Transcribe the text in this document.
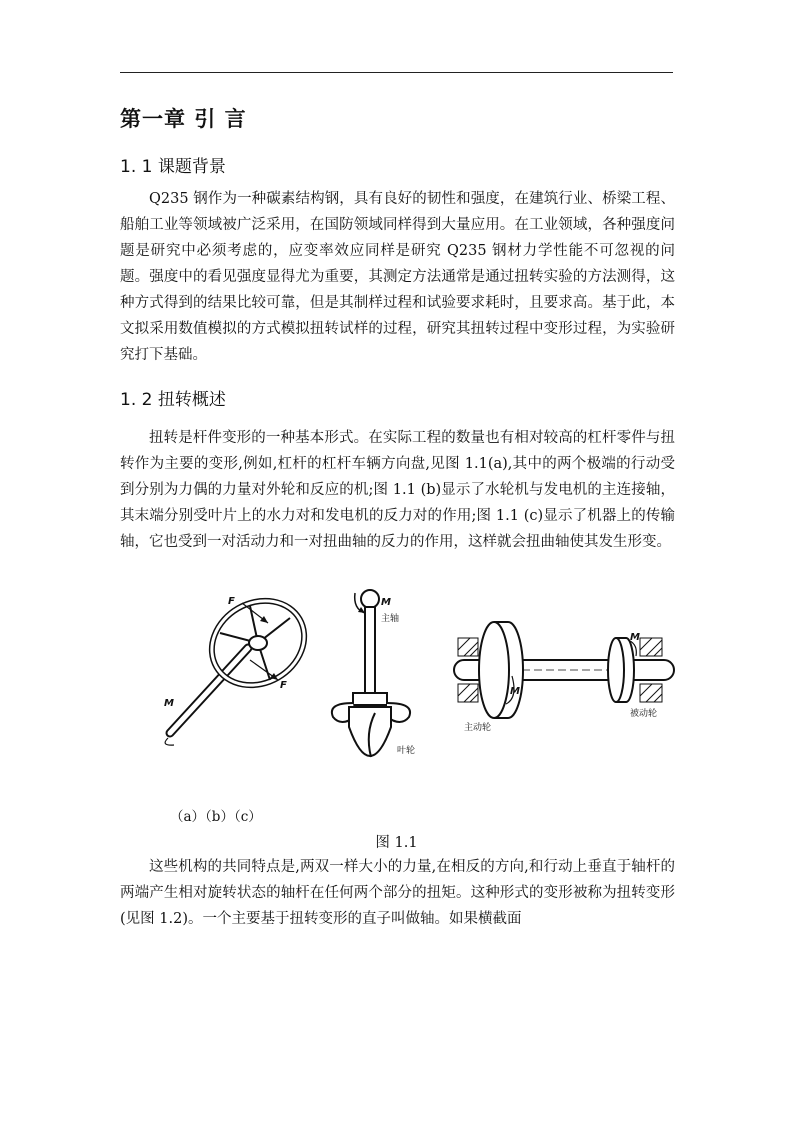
第一章 引 言
1. 1 课题背景

Q235 钢作为一种碳素结构钢，具有良好的韧性和强度，在建筑行业、桥梁工程、船舶工业等领域被广泛采用，在国防领域同样得到大量应用。在工业领域，各种强度问题是研究中必须考虑的，应变率效应同样是研究 Q235 钢材力学性能不可忽视的问题。强度中的看见强度显得尤为重要，其测定方法通常是通过扭转实验的方法测得，这种方式得到的结果比较可靠，但是其制样过程和试验要求耗时，且要求高。基于此，本文拟采用数值模拟的方式模拟扭转试样的过程，研究其扭转过程中变形过程，为实验研究打下基础。

1. 2 扭转概述

扭转是杆件变形的一种基本形式。在实际工程的数量也有相对较高的杠杆零件与扭转作为主要的变形,例如,杠杆的杠杆车辆方向盘,见图 1.1(a),其中的两个极端的行动受到分别为力偶的力量对外轮和反应的机;图 1.1 (b)显示了水轮机与发电机的主连接轴，其末端分别受叶片上的水力对和发电机的反力对的作用;图 1.1 (c)显示了机器上的传输轴，它也受到一对活动力和一对扭曲轴的反力的作用，这样就会扭曲轴使其发生形变。

F
F
M
M
主轴
叶轮
M
M
主动轮
被动轮

（a）（b）（c）

图 1.1

这些机构的共同特点是,两双一样大小的力量,在相反的方向,和行动上垂直于轴杆的两端产生相对旋转状态的轴杆在任何两个部分的扭矩。这种形式的变形被称为扭转变形(见图 1.2)。一个主要基于扭转变形的直子叫做轴。如果横截面
